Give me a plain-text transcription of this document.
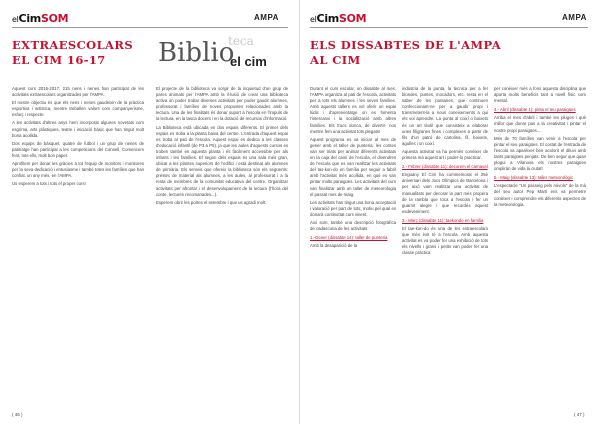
elCimSOM	AMPA
EXTRAESCOLARS
EL CIM 16-17	Biblio
teca
el cim

Aquest curs 2016-2017, 215 nens i nenes han participat de les activitats extraescolars organitzades per l'AMPA.

El nostre objectiu és que els nens i nenes gaudeixin de la pràctica esportiva i artística, mentre treballen valors com companyerisme, esforç i respecte.

A les activitats d'altres anys hem incorporat algunes novetats com esgrima, arts plàstiques, teatre i iniciació bàsic que han tingut molt bona acollida.

Dos equips de bàsquet, quatre de futbol i un grup de nenes de patinatge han participat a les competicions del Consell. Comencem fent, tots ells, molt bon paper.

Aprofitem per donar les gràcies a tot l'equip de monitors i monitores per la seva dedicació i entusiasme i també totes les famílies que han confiat, un any més, en l'AMPA.

Us esperem a tots i tots el proper curs!

El projecte de la biblioteca va sorgir de la inquietud d'un grup de pares animats per l'AMPA amb la il·lusió de crear una biblioteca activa on poder trobar diverses activitats per poder gaudir alumnes, professorat i famílies de noves propostes relacionades amb la lectura. Una de les finalitats és donar suport a l'escola en l'impuls de la lectura, en la tasca docent i en la dotació de recursos d'informació.

La Biblioteca està ubicada en dos espais diferents. El primer dels espais es troba a la planta baixa del centre. L'entrada d'aquest espai es troba al pati de l'escola. Aquest espai es dedica a les classes d'educació infantil (de P3 a P5), ja que les aules d'aquests cursos es troben també en aquesta planta i és fàcilment accessible per als infants i les famílies. El segon dels espais és una sala més gran, ubicat a les plantes superiors de l'edifici i està destinat als alumnes de primària. Els serveis que ofereix la biblioteca són els següents: préstec de material als alumnes, a les aules, al professorat i a la resta de membres de la comunitat educativa del centre. Organitzar activitats per afrontar i el desenvolupament de la lectura (l'hora del conte, lectures recomanades...).

Esperem obrir les portes el setembre i que us agradi molt.

( 46 )
elCimSOM	AMPA
ELS DISSABTES DE L'AMPA
AL CIM

Durant el curs escolar, un dissabte al mes, l'AMPA organitza al pati de l'escola, activitats per a tots els alumnes i les seves famílies. Amb aquests tallers es vol oferir un espai lúdic i d'aprenentatge on es fomenta l'intercanvi i la socialització amb altres famílies. Els trucs donca, de divertir- nos mentre fem una activitat tots plegats!

Aquest programa es va iniciar al mes de gener amb el taller de punteria: les contes van ser triats per animar diferents activitats en la caja del camí de l'escola, el divendres de l'escola que es van realitzar les activitats del tas-kon-do en família per seguir a fabril amb l'activitat més acollida, en què es van pintar molts paraigües. Les activitats del curs van finalitzar amb un taller de meteorologia el passat mes de maig.

Les activitats han tingut una bona acceptació i valoració per part de tots, motiu pel qual es donarà continuïtat curs vinent.

Així som, també una descripció fotogràfica de cadascuna de les activitats:

1.-Gener (dissabte 14): taller de punteria

Amb la desaparició de la

indústria de la punta, la tècnica per a fer blondes, puntes, mocadors, etc. resta en el saber de les puntaires, que continuen confeccionant-ne per a gaudir propi i transmetent-la a nous coneixements a qui els vol aprendre. La punta al coixí o boixets és un art tèxtil que consisteix a elaborar unes filigranes fines i complexes a partir de fils d'un patró de cartolina, fil, boixets, agulles i un coixí.

Aquesta activitat va ha permès conèixer de primera mà aquest art i poder-lo practicar.

2.- Febrer (dissabte 11): decorem el carnaval

Enguany El Cim ha commemorat el 25è aniversari dels Jocs Olímpics de Barcelona i per això vam realitzar una activitat de manualitats per decorar la part més propera de la rambla que toca a l'escola i fer un guarnit alegre i que recordés aquest esdeveniment.

3.- Març (dissabte 11): taekondo en família

El tae-kon-do és una de les extraescolars que més èxit té a l'escola. Amb aquesta activitat es va poder fer una exhibició de tots els nivells i grans i petits van poder fer una classe pràctica

per conèixer més a fons aquesta disciplina que aporta molts beneficis tant a nivell físic com mental.

4.- Abril (dissabte 1): pinta el teu paraigües

Arriba el mes d'abril i també les pluges i què millor que donar pas a la creativitat i pintar el nostre propi paraigües....

Més de 70 famílies van venir a l'escola per pintar el seu paraigües. El costat de l'entrada de l'escola va aparèixer ben acolorit el diluvi amb tants paraigües penjats. De ben segur que quan plogui a Vilanova els nostres paraigües omplirán de vida la ciutat!

5.- Maig (dissabte 13): taller meteorològic

L'espectacle "Un passeig pels núvols" de la mà del seu autor Pep Martí ens va permetre conèixer i comprendre els diferents aspectes de la meteorologia.

( 47 )
